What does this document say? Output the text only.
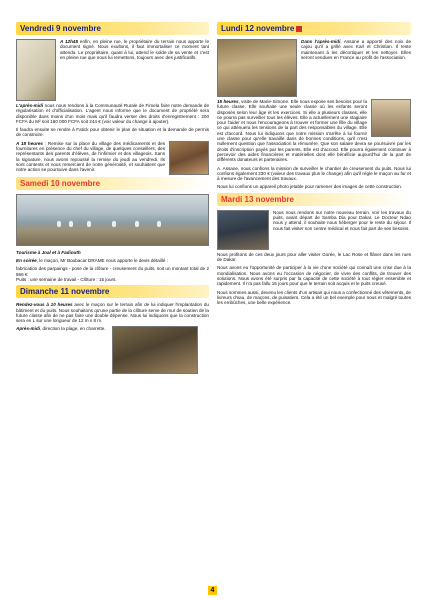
Vendredi 9 novembre

A 12h45 enfin, en pleine rue, le propriétaire du terrain nous apporte le document signé. Nous exultons, il faut immortaliser ce moment tant attendu. Le propriétaire, quant à lui, attend le solde de sa vente et c'est en pleine rue que nous lui remettons, toujours avec des justificatifs.

L'après-midi nous nous rendons à la Communauté Rurale de Fimela faire notre demande de régularisation et d'officialisation. L'agent nous informe que le document de propriété sera disponible dans moins d'un mois mais qu'il faudra verser des droits d'enregistrement : 200 FCFA du M² soit 160 000 FCFA soit 244 € (voir valeur du change à ajouter).

Il faudra ensuite se rendre à Fatick pour obtenir le plan de situation et la demande de permis de construire.

A 18 heures : Remise sur la place du village des médicaments et des fournitures en présence du chef du village, de quelques conseillers, des représentants des parents d'élèves, de l'infirmier et des villageois. Sans la signature, nous avons repoussé la remise du jeudi au vendredi. Ils sont contents et nous remercient de notre générosité, et souhaitent que notre action se poursuive dans l'avenir.

Samedi 10 novembre

Tourisme à Joal et à Fadiouth

En soirée, le maçon, Mr Boubacar DRAME nous apporte le devis détaillé :

fabrication des parpaings - pose de la clôture - creusement du puits, soit un montant total de 2 866 €

Puits : une semaine de travail - Clôture : 15 jours.

Dimanche 11 novembre

Rendez-vous à 10 heures avec le maçon sur le terrain afin de lui indiquer l'implantation du bâtiment et du puits. Nous souhaitons qu'une partie de la clôture serve de mur de soutien de la future classe afin de ne pas faire une double dépense. Nous lui indiquons que la construction sera en L sur une longueur de 12 m x 8 m.

Après-midi, direction la plage, en charrette.

Lundi 12 novembre

Dans l'après-midi, Assane a apporté des noix de cajou qu'il a grillé avec Karl et Christian. Il reste maintenant à les décortiquer et les nettoyer. Elles seront vendues en France au profit de l'association.

15 heures, visite de Marie-Simone. Elle nous expose ses besoins pour la future classe. Elle souhaite une seule classe où les enfants seront disposés selon leur âge et les exercices. Si elle a plusieurs classes, elle ne pourra pas surveiller tous les élèves. Elle a actuellement une stagiaire pour l'aider et nous l'encourageons à trouver et former une fille du village ce qui atténuera les tensions de la part des responsables du village. Elle est d'accord. Nous lui indiquons que notre mission s'arrête à lui fournir une classe pour qu'elle travaille dans de bonnes conditions, qu'il n'est nullement question que l'association la rémunère. Que son salaire devra se poursuivre par les droits d'inscription payés par les parents. Elle est d'accord. Elle pourra également continuer à percevoir des aides financières et matérielles dont elle bénéficie aujourd'hui de la part de différents donateurs et partenaires.

A. Assane, nous confions la mission de surveiller le chantier de creusement du puits. Nous lui confions également 230 € (valeur des travaux plus le change) afin qu'il règle le maçon au fur et à mesure de l'avancement des travaux.

Nous lui confions un appareil photo jetable pour ramener des images de cette construction.

Mardi 13 novembre

Nous nous rendons sur notre nouveau terrain, voir les travaux du puits, avant départ de Samba Dia pour Dakar. Le Docteur Ndao nous y attend, il souhaite nous héberger pour le reste du séjour. Il nous fait visiter son centre médical et nous fait part de ses besoins.

Nous profitons de ces deux jours pour aller visiter Gorée, le Lac Rose et flâner dans les rues de Dakar.

Nous avons eu l'opportunité de participer à la vie d'une société qui connaît une crise due à la mondialisation. Nous avons eu l'occasion de négocier, de vivre des conflits, de trouver des solutions. Nous avons été surpris par la capacité de cette société à tout régler ensemble et rapidement. Il n'a pas fallu 15 jours pour que le terrain soit acquis et le puits creusé.

Nous sommes aussi, devenu les clients d'un artisan qui nous a confectionné des vêtements, de livreurs d'eau, de maçons, de puisatiers. Cela a été un bel exemple pour nous et malgré toutes les embûches, une belle expérience.

4
